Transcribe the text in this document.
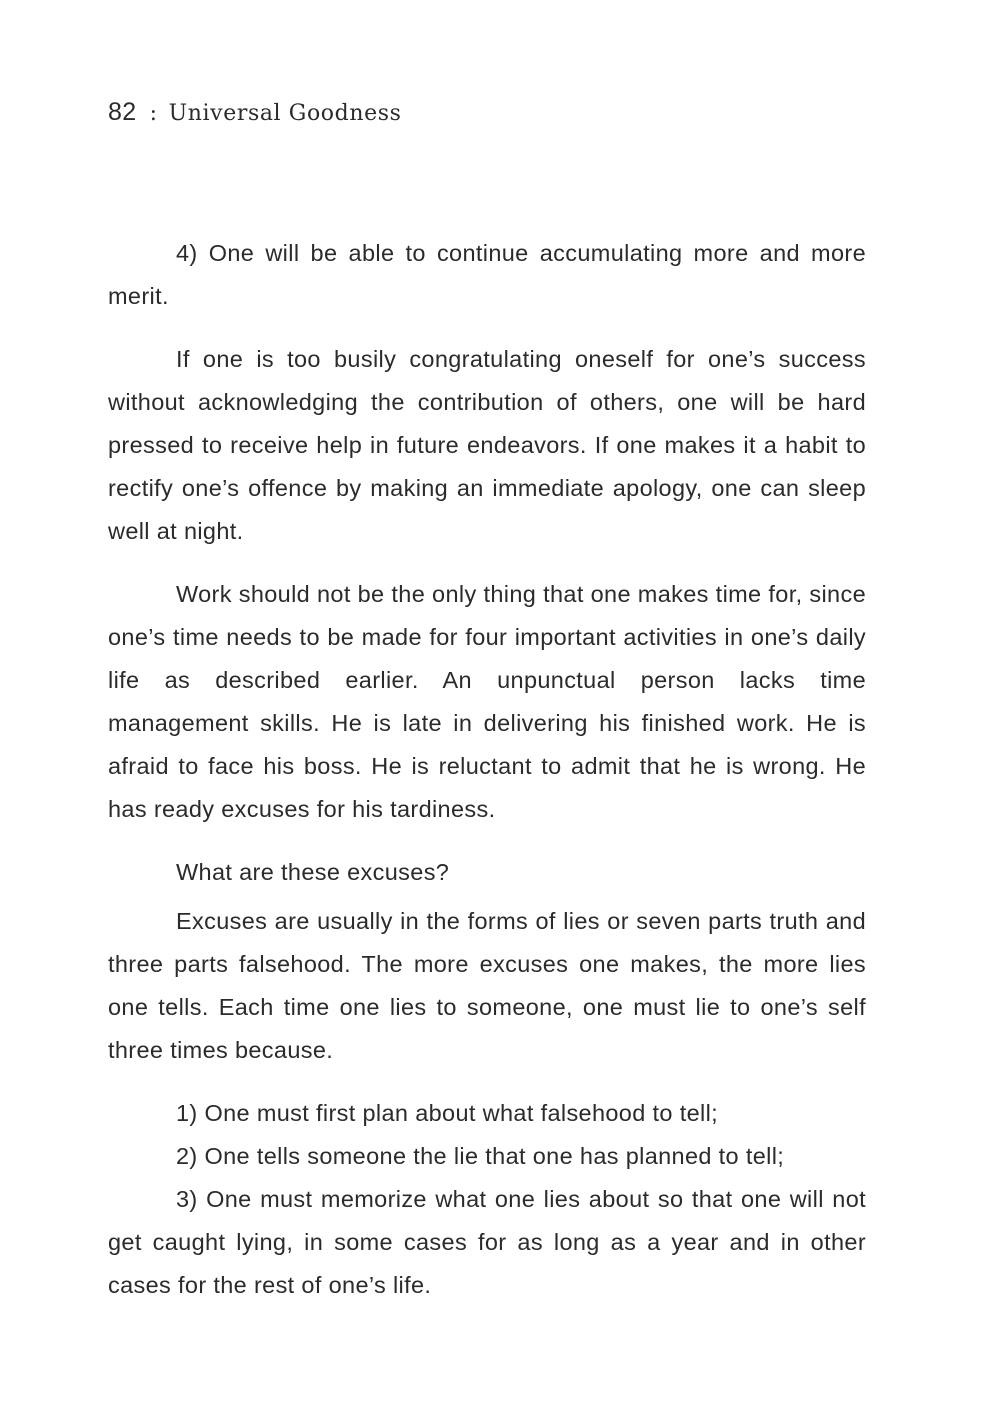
82 : Universal Goodness

4) One will be able to continue accumulating more and more merit.

If one is too busily congratulating oneself for one’s success without acknowledging the contribution of others, one will be hard pressed to receive help in future endeavors. If one makes it a habit to rectify one’s offence by making an immediate apology, one can sleep well at night.

Work should not be the only thing that one makes time for, since one’s time needs to be made for four important activities in one’s daily life as described earlier. An unpunctual person lacks time management skills. He is late in delivering his finished work. He is afraid to face his boss. He is reluctant to admit that he is wrong. He has ready excuses for his tardiness.

What are these excuses?

Excuses are usually in the forms of lies or seven parts truth and three parts falsehood. The more excuses one makes, the more lies one tells. Each time one lies to someone, one must lie to one’s self three times because.

1) One must first plan about what falsehood to tell;

2) One tells someone the lie that one has planned to tell;

3) One must memorize what one lies about so that one will not get caught lying, in some cases for as long as a year and in other cases for the rest of one’s life.
